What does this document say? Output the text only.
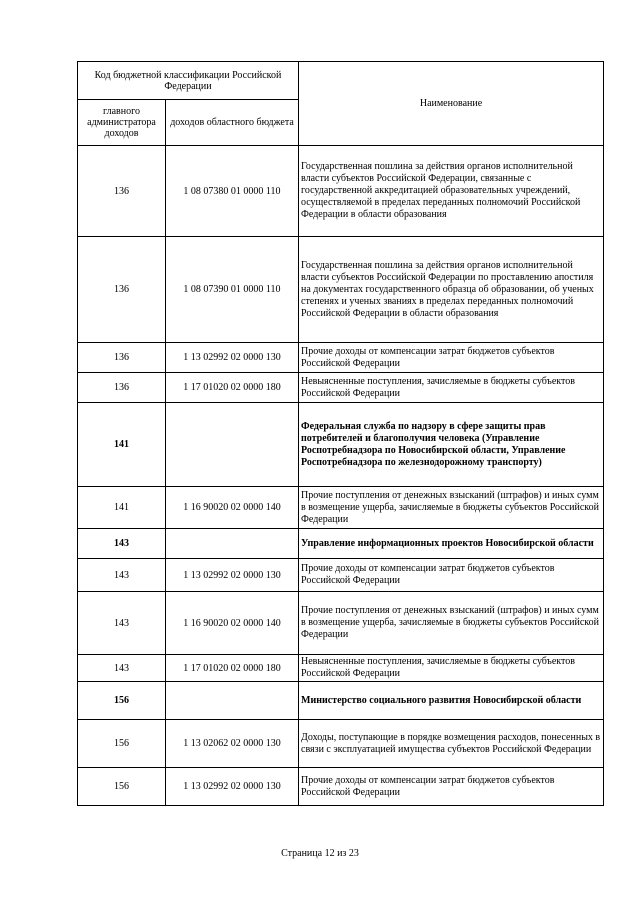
Код бюджетной классификации Российской Федерации		Наименование
главного администратора доходов	доходов областного бюджета	
136	1 08 07380 01 0000 110	Государственная пошлина за действия органов исполнительной власти субъектов Российской Федерации, связанные с государственной аккредитацией образовательных учреждений, осуществляемой в пределах переданных полномочий Российской Федерации в области образования
136	1 08 07390 01 0000 110	Государственная пошлина за действия органов исполнительной власти субъектов Российской Федерации по проставлению апостиля на документах государственного образца об образовании, об ученых степенях и ученых званиях в пределах переданных полномочий Российской Федерации в области образования
136	1 13 02992 02 0000 130	Прочие доходы от компенсации затрат бюджетов субъектов Российской Федерации
136	1 17 01020 02 0000 180	Невыясненные поступления, зачисляемые в бюджеты субъектов Российской Федерации
141		Федеральная служба по надзору в сфере защиты прав потребителей и благополучия человека (Управление Роспотребнадзора по Новосибирской области, Управление Роспотребнадзора по железнодорожному транспорту)
141	1 16 90020 02 0000 140	Прочие поступления от денежных взысканий (штрафов) и иных сумм в возмещение ущерба, зачисляемые в бюджеты субъектов Российской Федерации
143		Управление информационных проектов Новосибирской области
143	1 13 02992 02 0000 130	Прочие доходы от компенсации затрат бюджетов субъектов Российской Федерации
143	1 16 90020 02 0000 140	Прочие поступления от денежных взысканий (штрафов) и иных сумм в возмещение ущерба, зачисляемые в бюджеты субъектов Российской Федерации
143	1 17 01020 02 0000 180	Невыясненные поступления, зачисляемые в бюджеты субъектов Российской Федерации
156		Министерство социального развития Новосибирской области
156	1 13 02062 02 0000 130	Доходы, поступающие в порядке возмещения расходов, понесенных в связи с эксплуатацией имущества субъектов Российской Федерации
156	1 13 02992 02 0000 130	Прочие доходы от компенсации затрат бюджетов субъектов Российской Федерации
Страница 12 из 23
